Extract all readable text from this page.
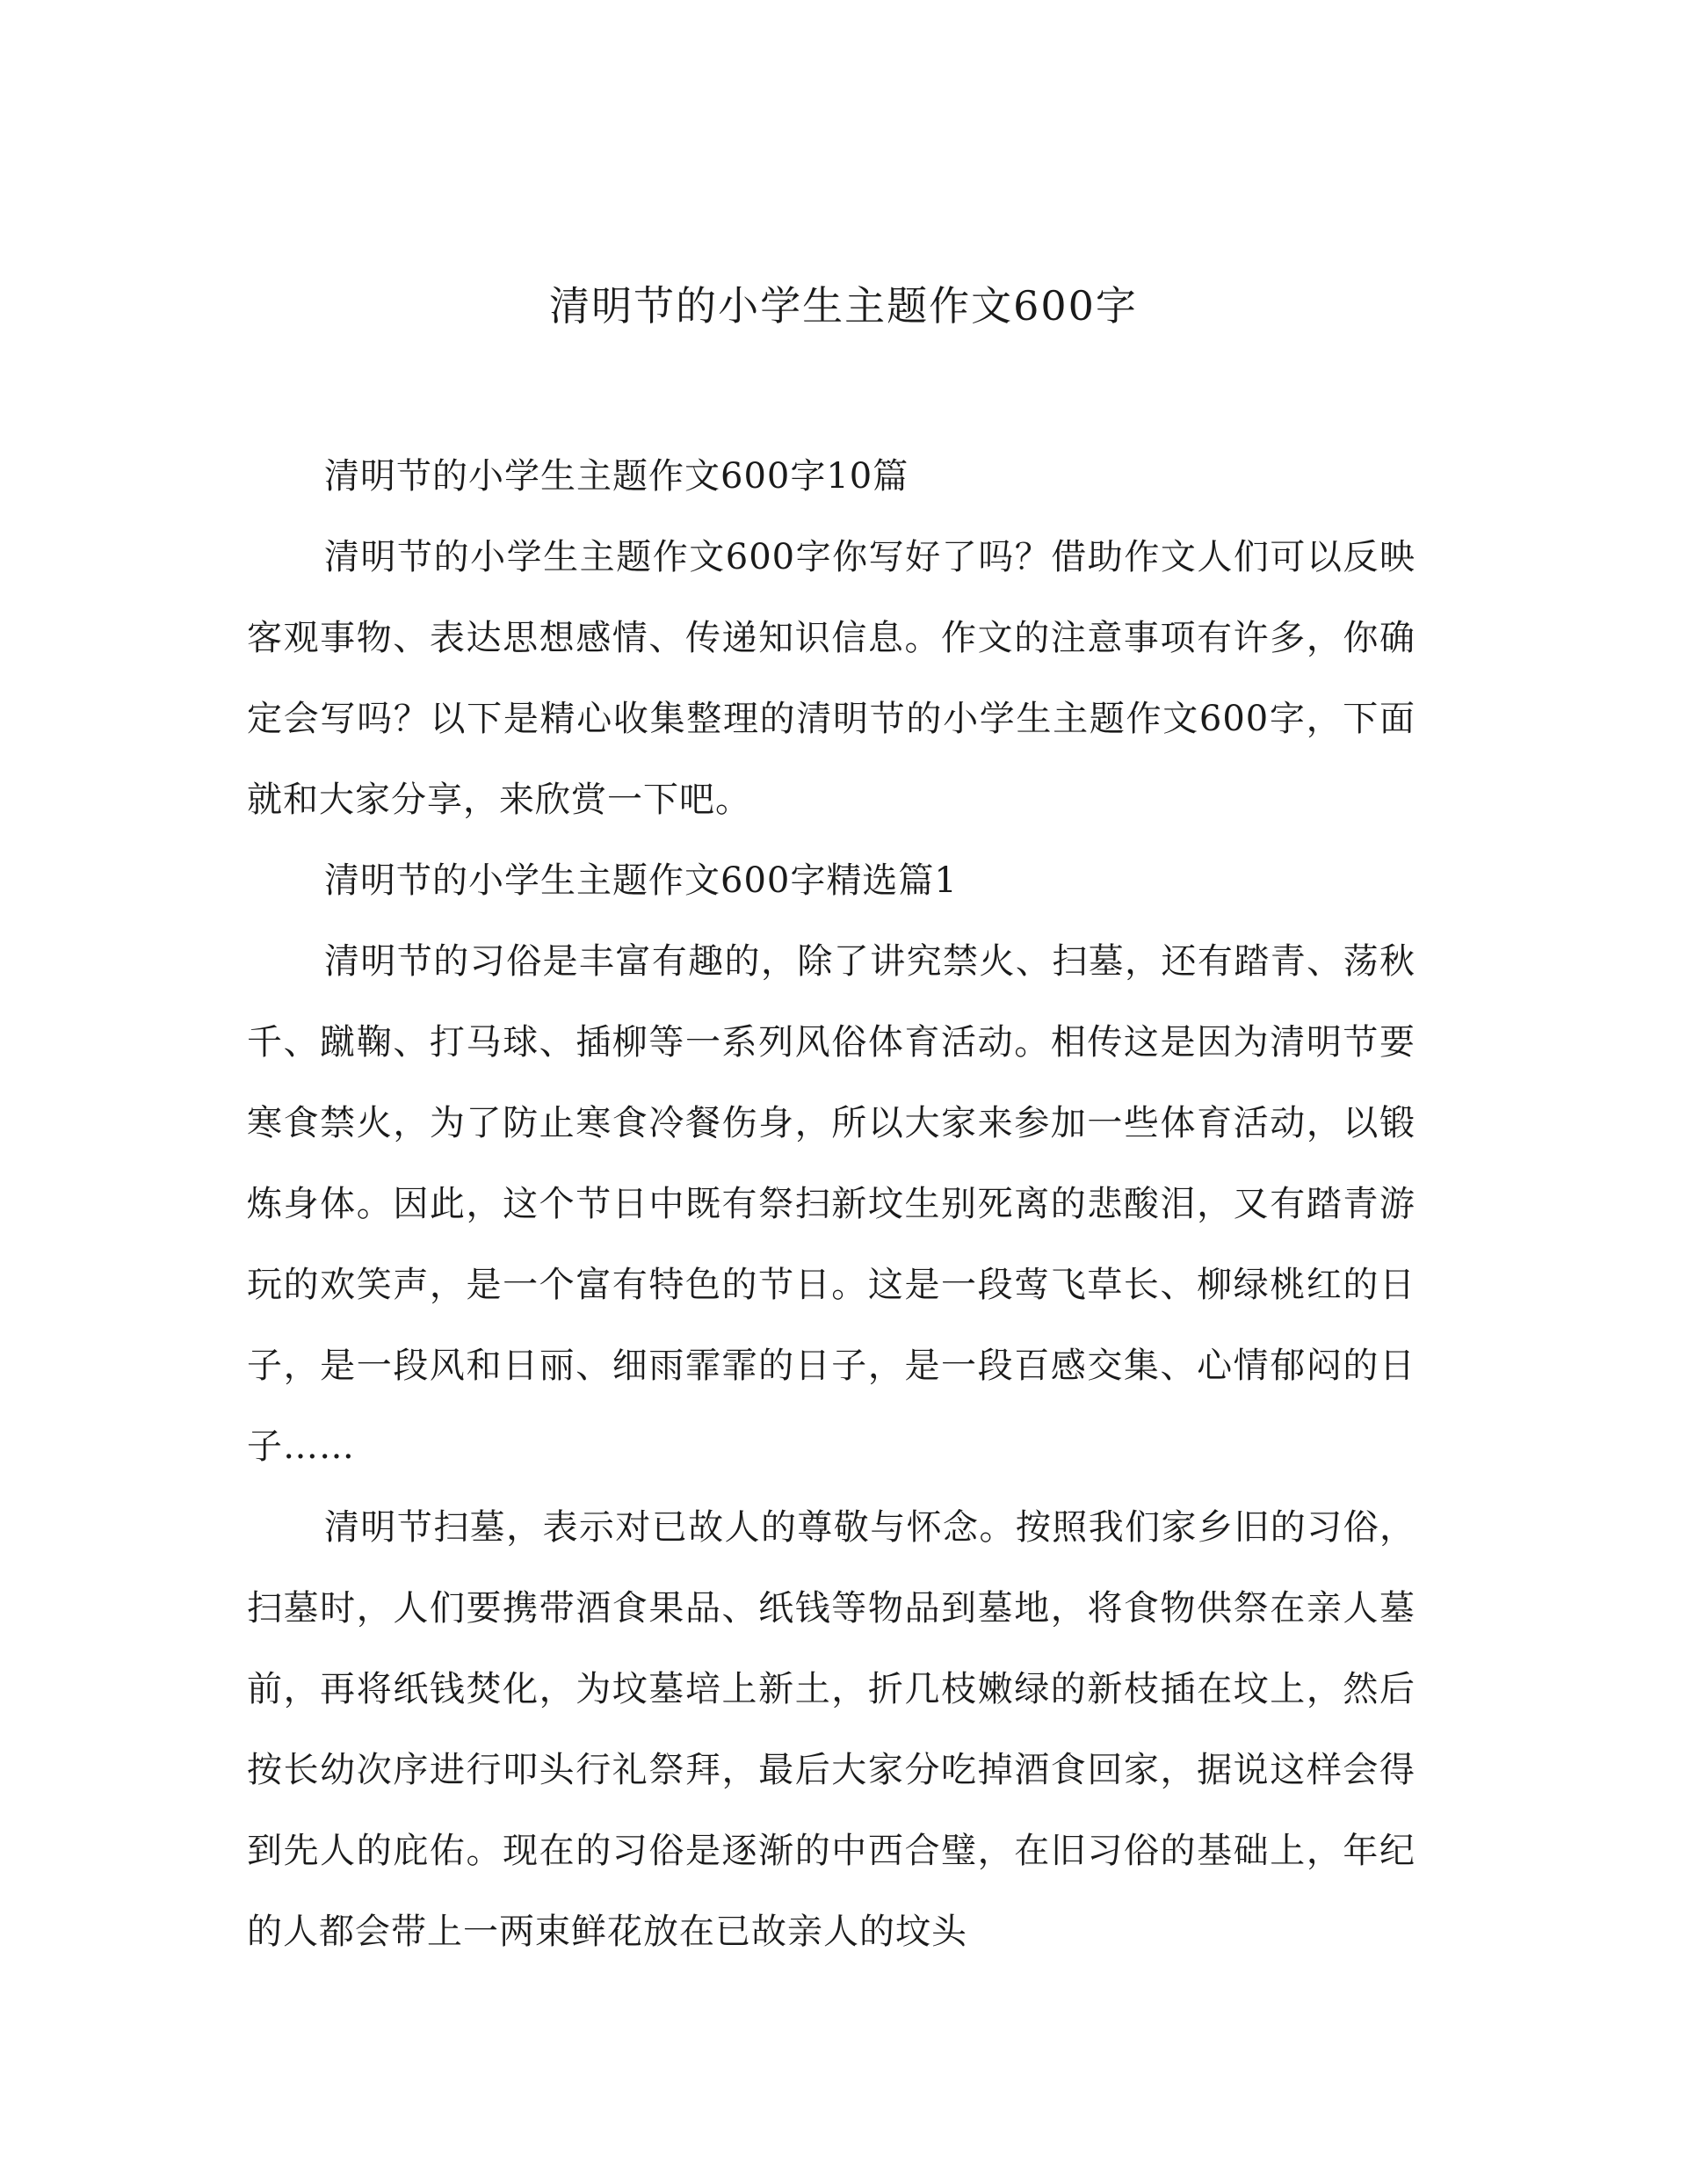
清明节的小学生主题作文600字

清明节的小学生主题作文600字10篇

清明节的小学生主题作文600字你写好了吗？借助作文人们可以反映客观事物、表达思想感情、传递知识信息。作文的注意事项有许多，你确定会写吗？以下是精心收集整理的清明节的小学生主题作文600字，下面就和大家分享，来欣赏一下吧。

清明节的小学生主题作文600字精选篇1

清明节的习俗是丰富有趣的，除了讲究禁火、扫墓，还有踏青、荡秋千、蹴鞠、打马球、插柳等一系列风俗体育活动。相传这是因为清明节要寒食禁火，为了防止寒食冷餐伤身，所以大家来参加一些体育活动，以锻炼身体。因此，这个节日中既有祭扫新坟生别死离的悲酸泪，又有踏青游玩的欢笑声，是一个富有特色的节日。这是一段莺飞草长、柳绿桃红的日子，是一段风和日丽、细雨霏霏的日子，是一段百感交集、心情郁闷的日子……

清明节扫墓，表示对已故人的尊敬与怀念。按照我们家乡旧的习俗，扫墓时，人们要携带酒食果品、纸钱等物品到墓地，将食物供祭在亲人墓前，再将纸钱焚化，为坟墓培上新土，折几枝嫩绿的新枝插在坟上，然后按长幼次序进行叩头行礼祭拜，最后大家分吃掉酒食回家，据说这样会得到先人的庇佑。现在的习俗是逐渐的中西合璧，在旧习俗的基础上，年纪的人都会带上一两束鲜花放在已故亲人的坟头
